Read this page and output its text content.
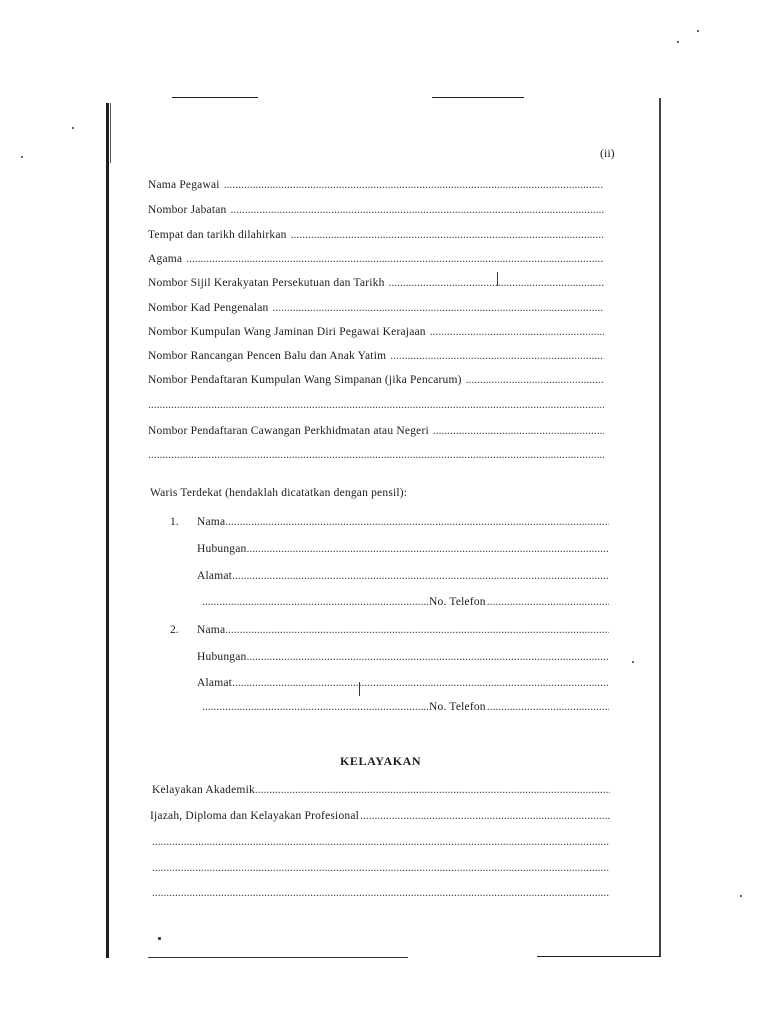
(ii)
Nama Pegawai
.....
Nombor Jabatan
.....
Tempat dan tarikh dilahirkan
.....
Agama
.....
Nombor Sijil Kerakyatan Persekutuan dan Tarikh
.....
Nombor Kad Pengenalan
.....
Nombor Kumpulan Wang Jaminan Diri Pegawai Kerajaan
.....
Nombor Rancangan Pencen Balu dan Anak Yatim
.....
Nombor Pendaftaran Kumpulan Wang Simpanan (jika Pencarum)
.....
.....
Nombor Pendaftaran Cawangan Perkhidmatan atau Negeri
.....
.....
Waris Terdekat (hendaklah dicatatkan dengan pensil):
1. Nama
.....
Hubungan
.....
Alamat
.....
.....
No. Telefon
.....
2. Nama
.....
Hubungan
.....
Alamat
.....
.....
No. Telefon
.....
KELAYAKAN
Kelayakan Akademik
.....
Ijazah, Diploma dan Kelayakan Profesional
.....
.....
.....
.....
